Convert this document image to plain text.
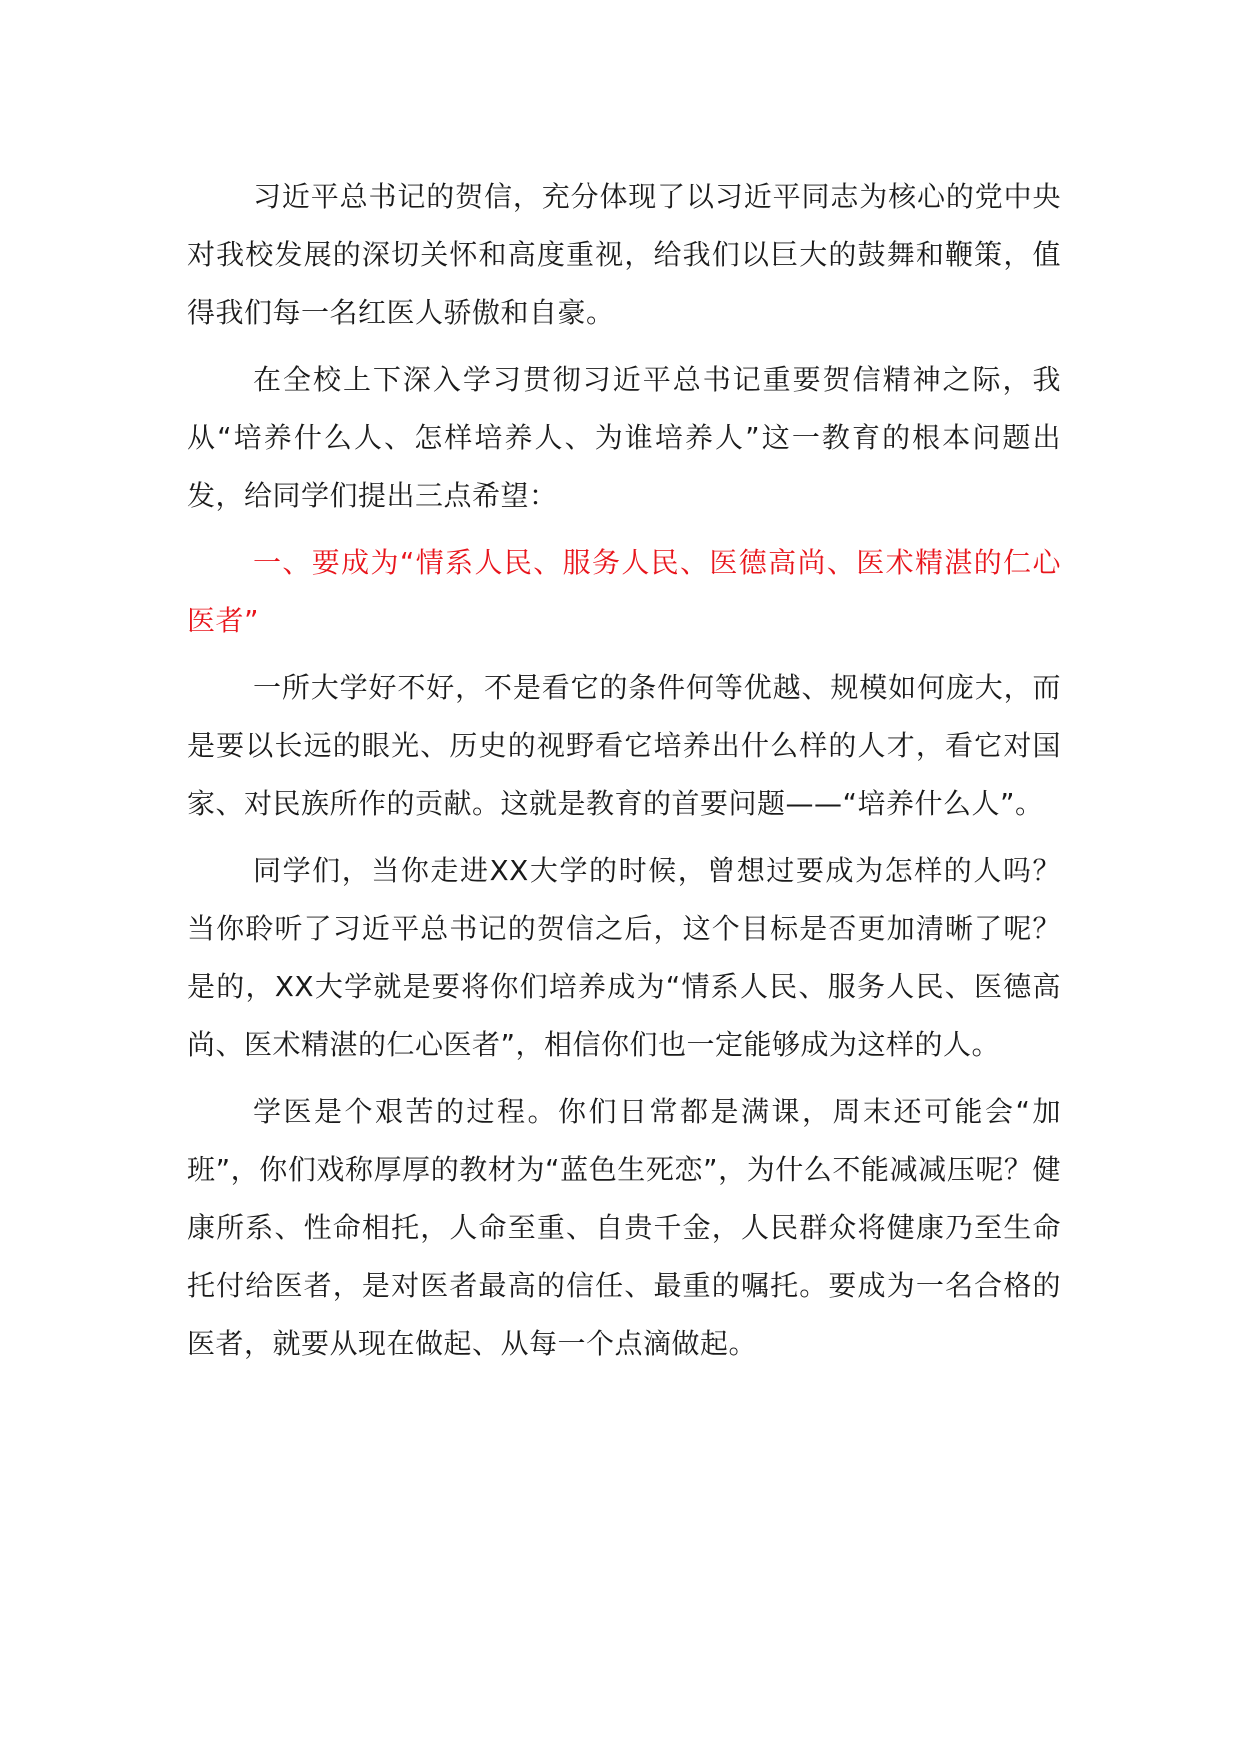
习近平总书记的贺信，充分体现了以习近平同志为核心的党中央对我校发展的深切关怀和高度重视，给我们以巨大的鼓舞和鞭策，值得我们每一名红医人骄傲和自豪。

在全校上下深入学习贯彻习近平总书记重要贺信精神之际，我从“培养什么人、怎样培养人、为谁培养人”这一教育的根本问题出发，给同学们提出三点希望：

一、要成为“情系人民、服务人民、医德高尚、医术精湛的仁心医者”

一所大学好不好，不是看它的条件何等优越、规模如何庞大，而是要以长远的眼光、历史的视野看它培养出什么样的人才，看它对国家、对民族所作的贡献。这就是教育的首要问题——“培养什么人”。

同学们，当你走进XX大学的时候，曾想过要成为怎样的人吗？当你聆听了习近平总书记的贺信之后，这个目标是否更加清晰了呢？是的，XX大学就是要将你们培养成为“情系人民、服务人民、医德高尚、医术精湛的仁心医者”，相信你们也一定能够成为这样的人。

学医是个艰苦的过程。你们日常都是满课，周末还可能会“加班”，你们戏称厚厚的教材为“蓝色生死恋”，为什么不能减减压呢？健康所系、性命相托，人命至重、自贵千金，人民群众将健康乃至生命托付给医者，是对医者最高的信任、最重的嘱托。要成为一名合格的医者，就要从现在做起、从每一个点滴做起。
